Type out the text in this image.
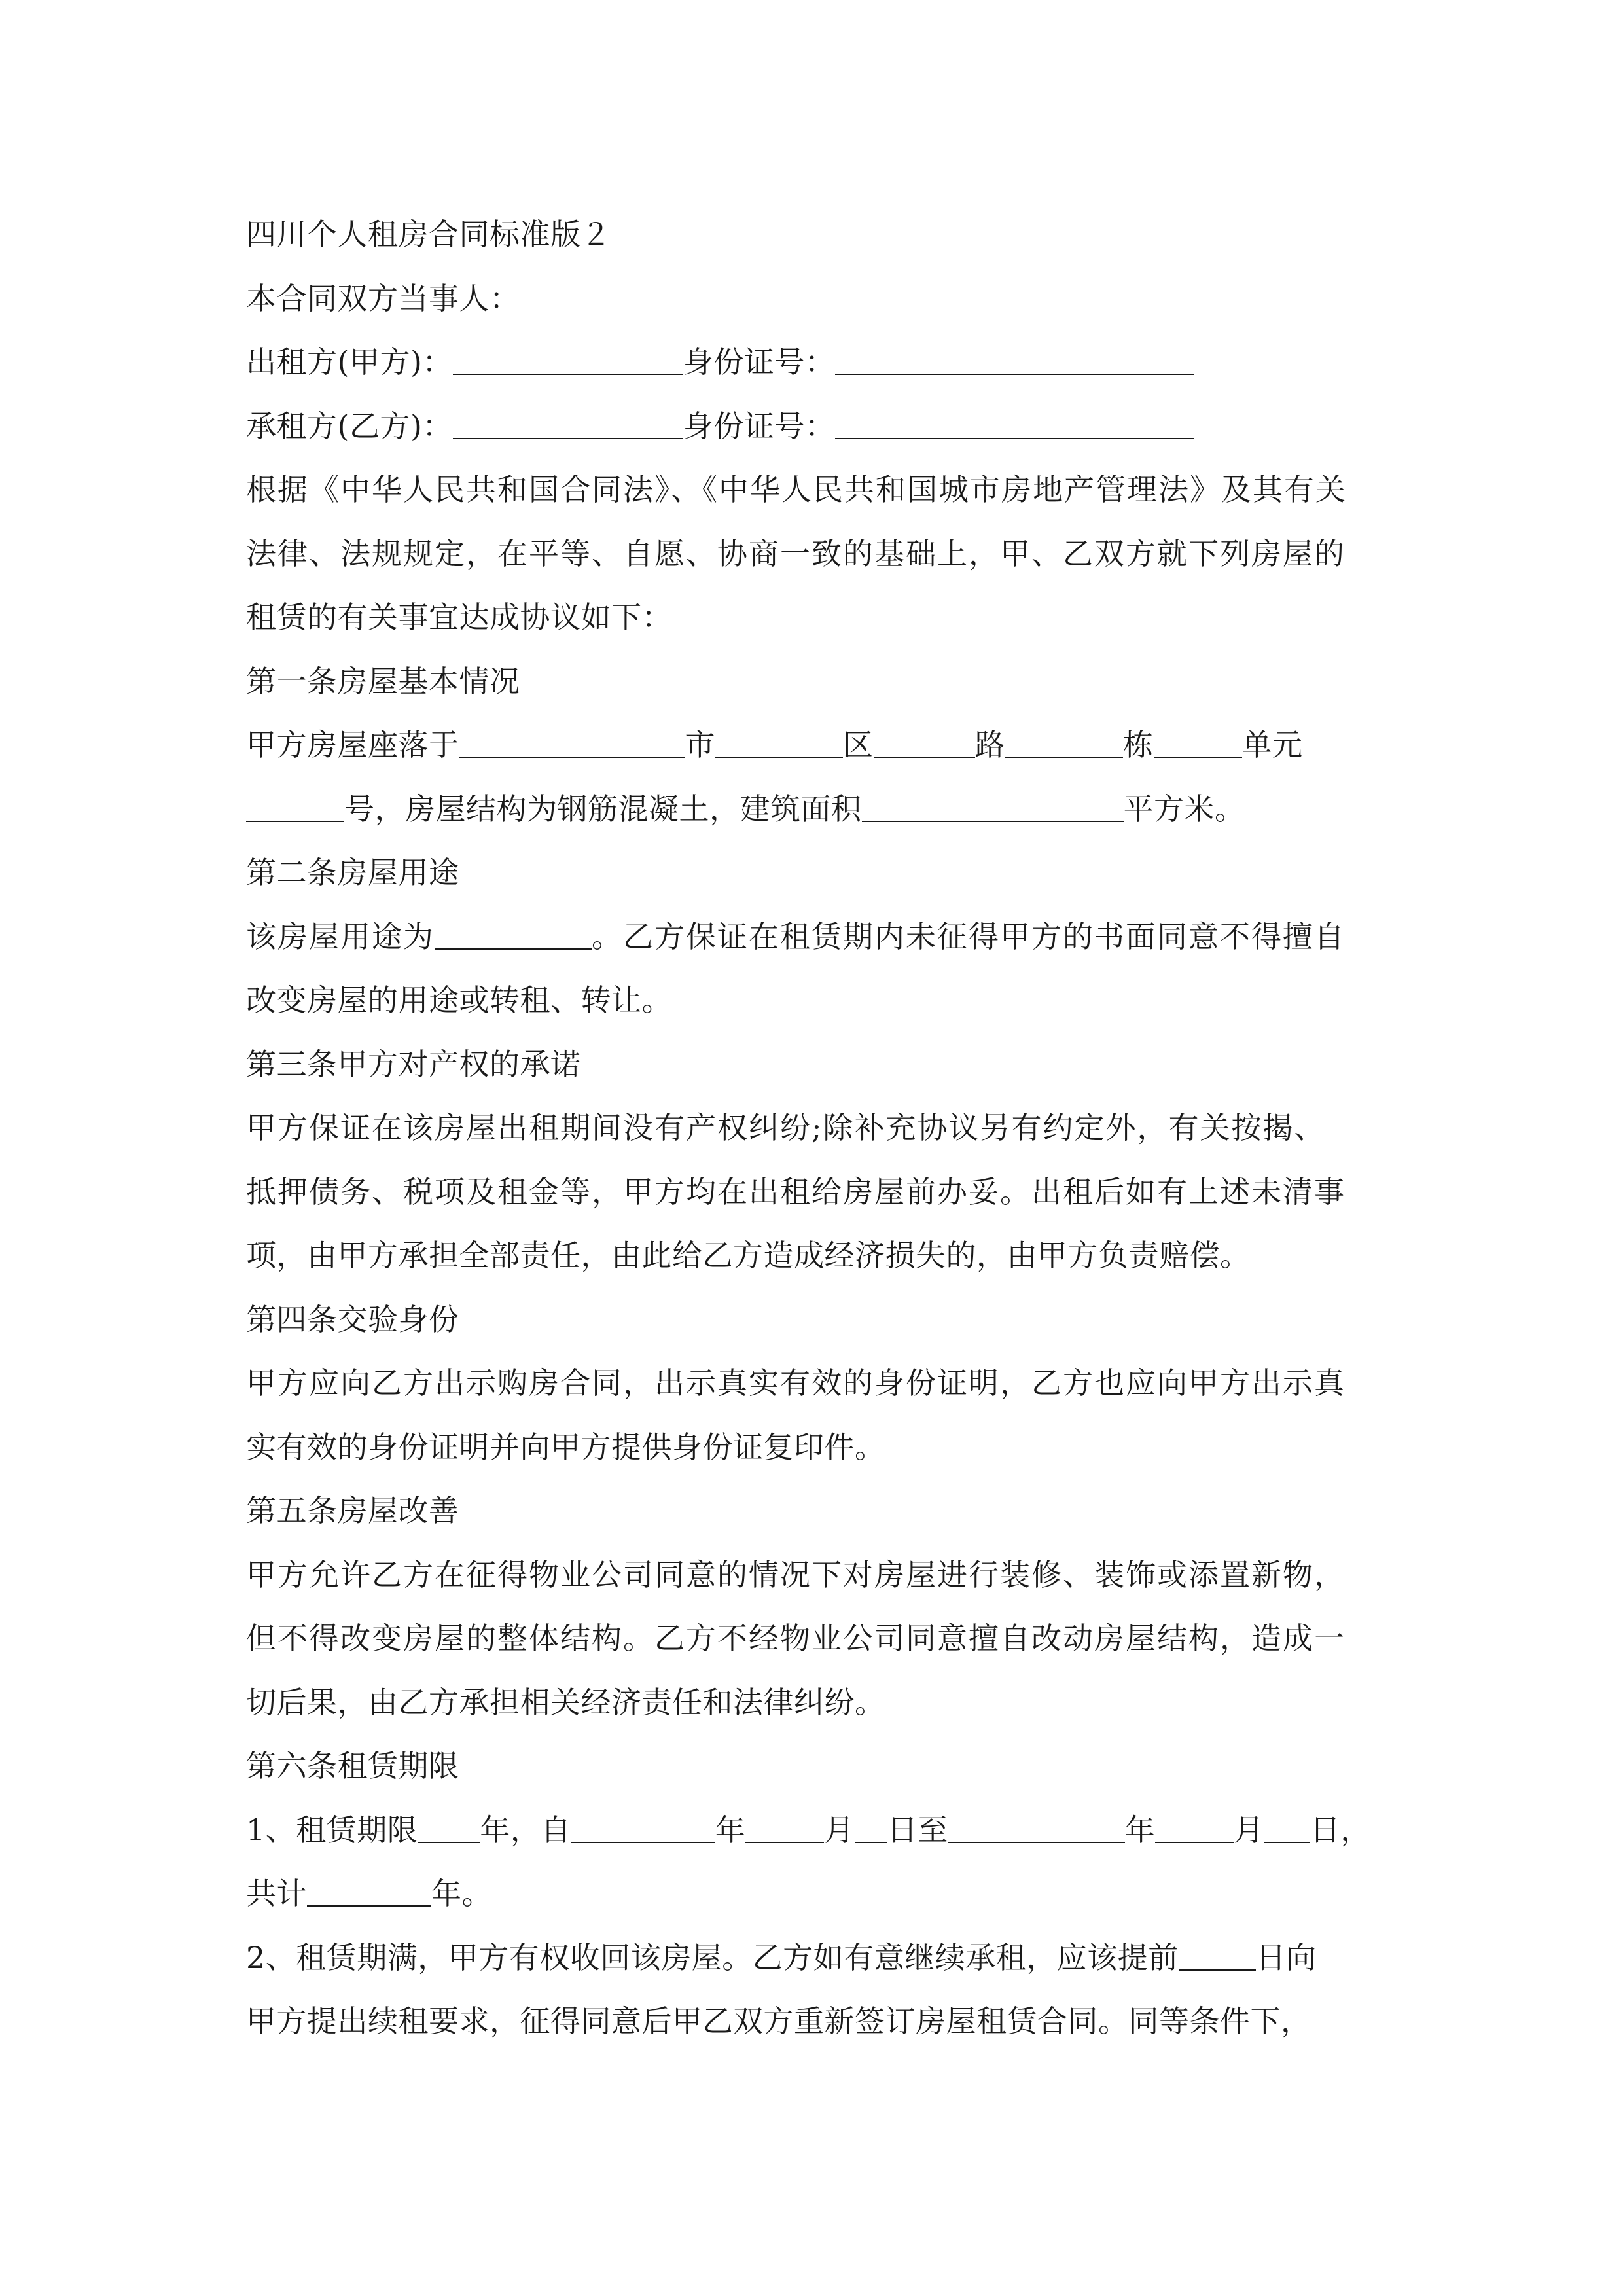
四川个人租房合同标准版２
本合同双方当事人：
出租方(甲方)：	身份证号：
承租方(乙方)：	身份证号：
根据《中华人民共和国合同法》、《中华人民共和国城市房地产管理法》及其有关
法律、法规规定，在平等、自愿、协商一致的基础上，甲、乙双方就下列房屋的
租赁的有关事宜达成协议如下：
第一条房屋基本情况
甲方房屋座落于	市	区	路	栋	单元
号，房屋结构为钢筋混凝土，建筑面积	平方米。
第二条房屋用途
该房屋用途为	。乙方保证在租赁期内未征得甲方的书面同意不得擅自
改变房屋的用途或转租、转让。
第三条甲方对产权的承诺
甲方保证在该房屋出租期间没有产权纠纷;除补充协议另有约定外，有关按揭、
抵押债务、税项及租金等，甲方均在出租给房屋前办妥。出租后如有上述未清事
项，由甲方承担全部责任，由此给乙方造成经济损失的，由甲方负责赔偿。
第四条交验身份
甲方应向乙方出示购房合同，出示真实有效的身份证明，乙方也应向甲方出示真
实有效的身份证明并向甲方提供身份证复印件。
第五条房屋改善
甲方允许乙方在征得物业公司同意的情况下对房屋进行装修、装饰或添置新物，
但不得改变房屋的整体结构。乙方不经物业公司同意擅自改动房屋结构，造成一
切后果，由乙方承担相关经济责任和法律纠纷。
第六条租赁期限
1、租赁期限 年，自	年	月 日至	年	月 日，
共计	年。
2、租赁期满，甲方有权收回该房屋。乙方如有意继续承租，应该提前	日向
甲方提出续租要求，征得同意后甲乙双方重新签订房屋租赁合同。同等条件下，
